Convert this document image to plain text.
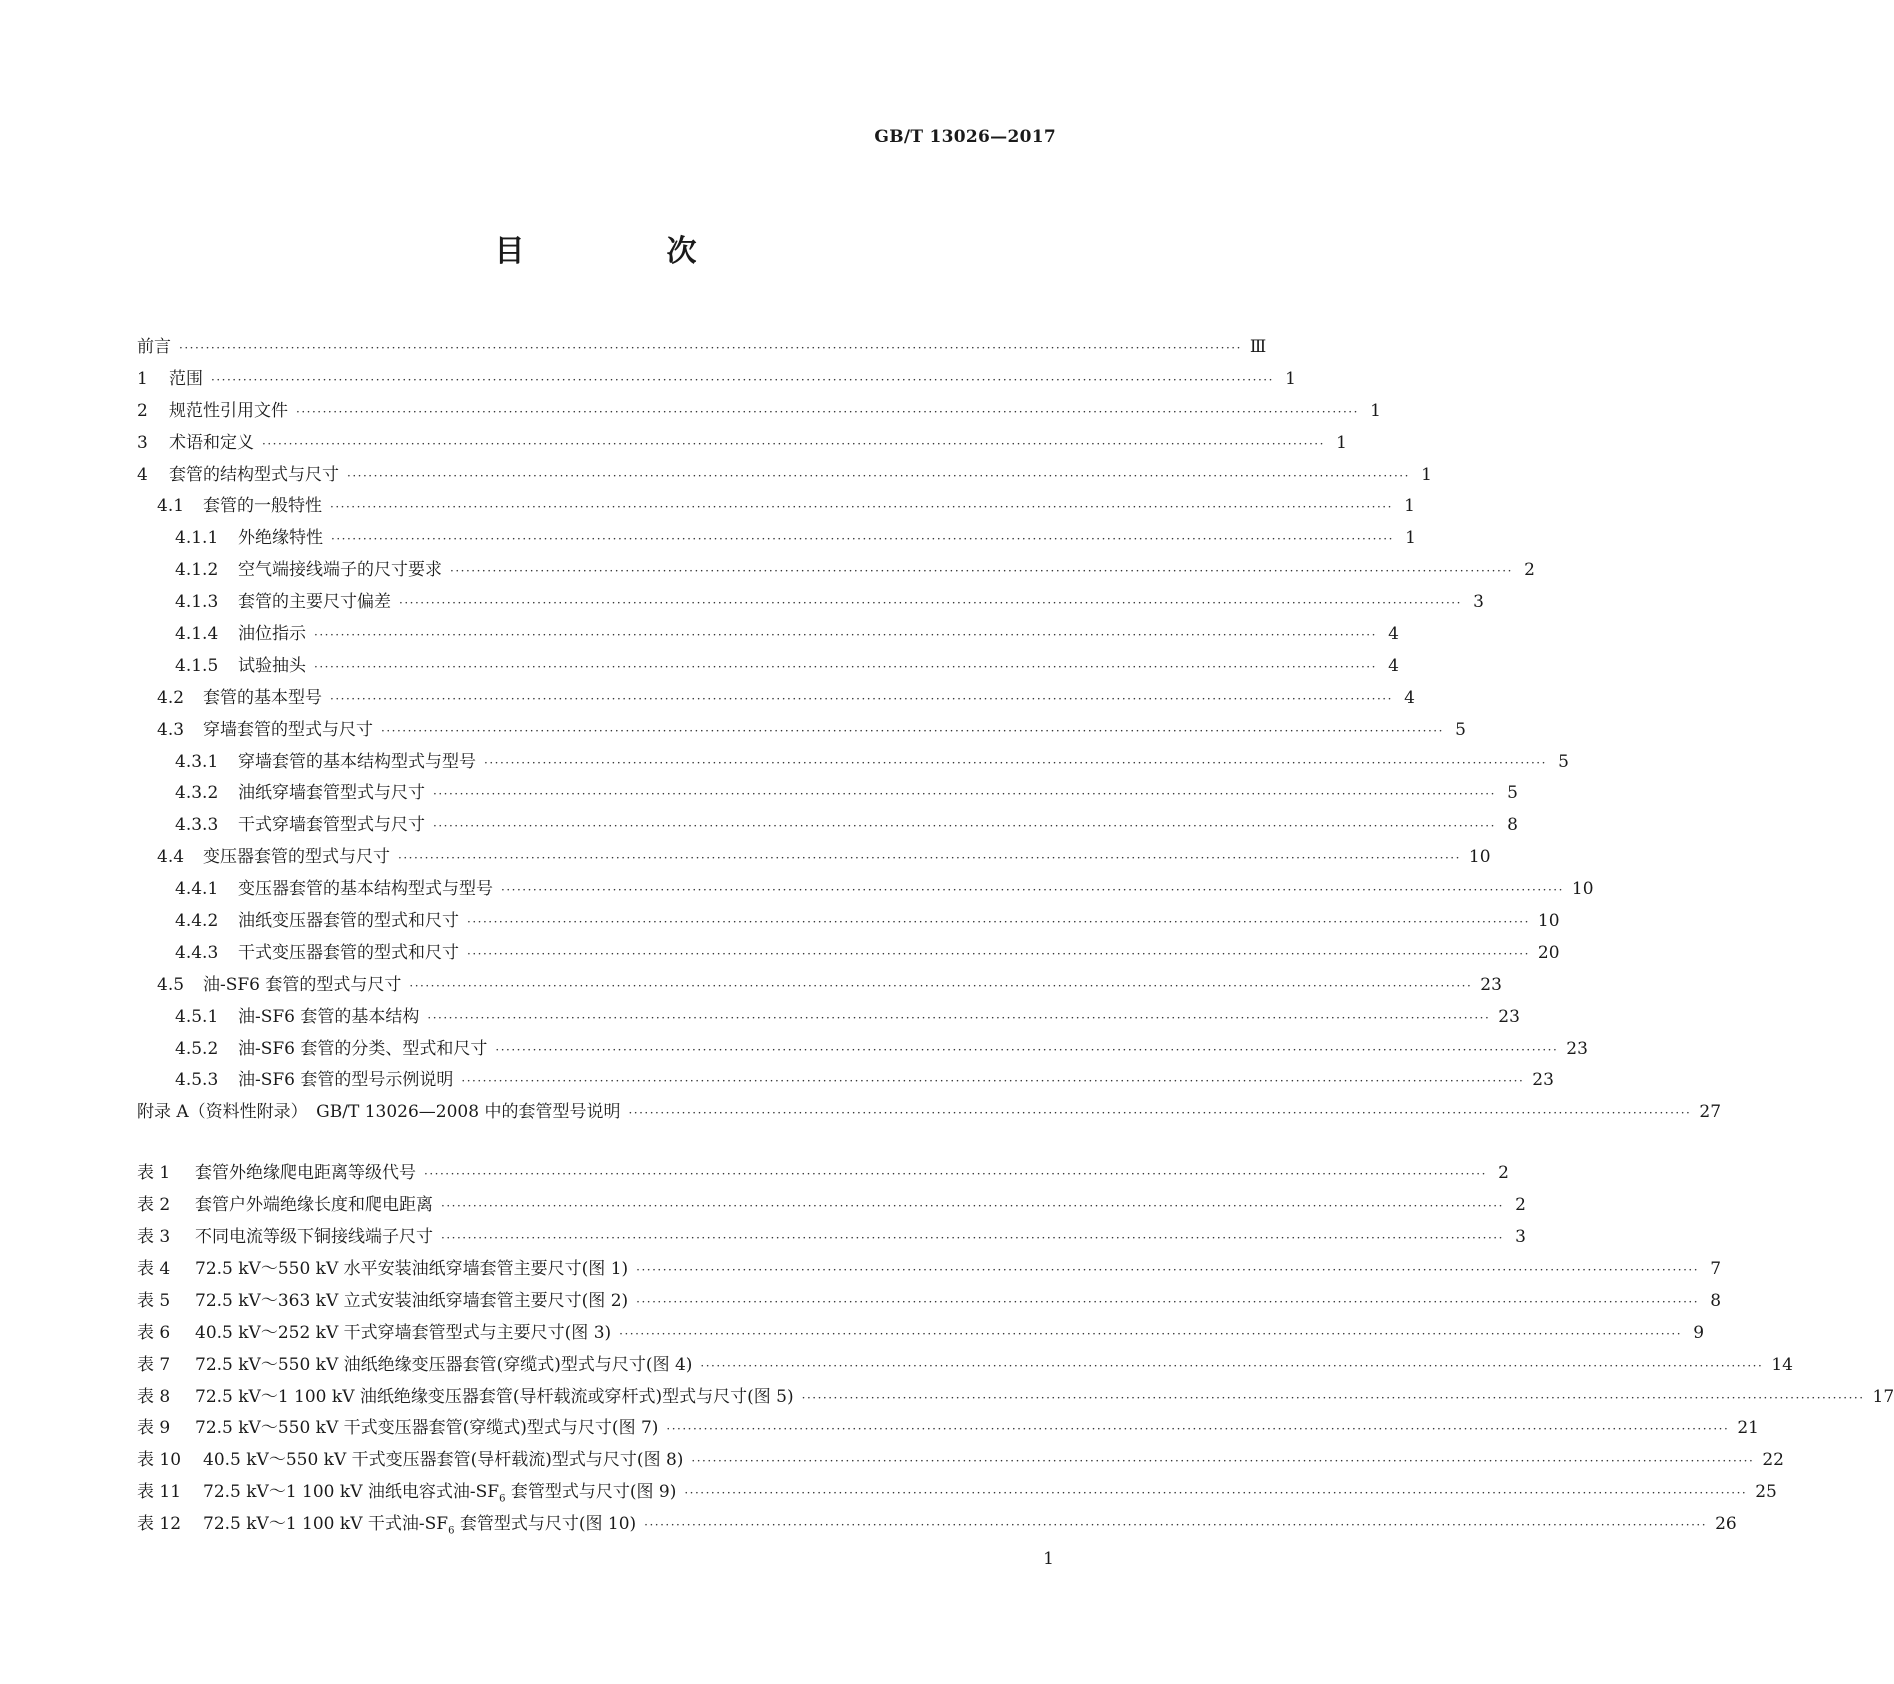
GB/T 13026—2017
目　次
前言 ········································································································································································································ Ⅲ
1	范围 ········································································································································································································ 1
2	规范性引用文件 ········································································································································································································ 1
3	术语和定义 ········································································································································································································ 1
4	套管的结构型式与尺寸 ········································································································································································································ 1
4.1	套管的一般特性 ········································································································································································································ 1
4.1.1	外绝缘特性 ········································································································································································································ 1
4.1.2	空气端接线端子的尺寸要求 ········································································································································································································ 2
4.1.3	套管的主要尺寸偏差 ········································································································································································································ 3
4.1.4	油位指示 ········································································································································································································ 4
4.1.5	试验抽头 ········································································································································································································ 4
4.2	套管的基本型号 ········································································································································································································ 4
4.3	穿墙套管的型式与尺寸 ········································································································································································································ 5
4.3.1	穿墙套管的基本结构型式与型号 ········································································································································································································ 5
4.3.2	油纸穿墙套管型式与尺寸 ········································································································································································································ 5
4.3.3	干式穿墙套管型式与尺寸 ········································································································································································································ 8
4.4	变压器套管的型式与尺寸 ········································································································································································································ 10
4.4.1	变压器套管的基本结构型式与型号 ········································································································································································································ 10
4.4.2	油纸变压器套管的型式和尺寸 ········································································································································································································ 10
4.4.3	干式变压器套管的型式和尺寸 ········································································································································································································ 20
4.5	油-SF6 套管的型式与尺寸 ········································································································································································································ 23
4.5.1	油-SF6 套管的基本结构 ········································································································································································································ 23
4.5.2	油-SF6 套管的分类、型式和尺寸 ········································································································································································································ 23
4.5.3	油-SF6 套管的型号示例说明 ········································································································································································································ 23
附录 A（资料性附录）　GB/T 13026—2008 中的套管型号说明 ········································································································································································································ 27
表 1	套管外绝缘爬电距离等级代号 ········································································································································································································ 2
表 2	套管户外端绝缘长度和爬电距离 ········································································································································································································ 2
表 3	不同电流等级下铜接线端子尺寸 ········································································································································································································ 3
表 4	72.5 kV～550 kV 水平安装油纸穿墙套管主要尺寸(图 1) ········································································································································································································ 7
表 5	72.5 kV～363 kV 立式安装油纸穿墙套管主要尺寸(图 2) ········································································································································································································ 8
表 6	40.5 kV～252 kV 干式穿墙套管型式与主要尺寸(图 3) ········································································································································································································ 9
表 7	72.5 kV～550 kV 油纸绝缘变压器套管(穿缆式)型式与尺寸(图 4) ········································································································································································································ 14
表 8	72.5 kV～1 100 kV 油纸绝缘变压器套管(导杆载流或穿杆式)型式与尺寸(图 5) ········································································································································································································ 17
表 9	72.5 kV～550 kV 干式变压器套管(穿缆式)型式与尺寸(图 7) ········································································································································································································ 21
表 10	40.5 kV～550 kV 干式变压器套管(导杆载流)型式与尺寸(图 8) ········································································································································································································ 22
表 11	72.5 kV～1 100 kV 油纸电容式油$-SF_6$ 套管型式与尺寸(图 9) ········································································································································································································ 25
表 12	72.5 kV～1 100 kV 干式油$-SF_6$ 套管型式与尺寸(图 10) ········································································································································································································ 26
1
